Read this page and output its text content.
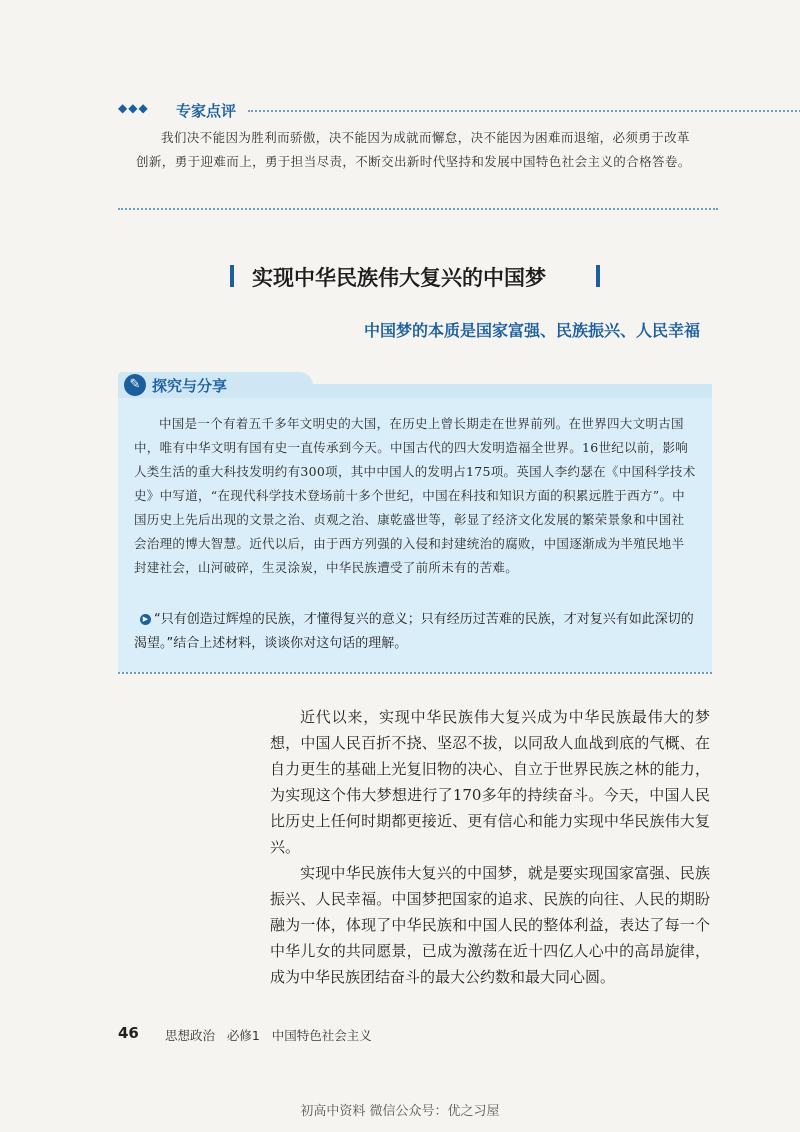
◆◆◆ 专家点评
我们决不能因为胜利而骄傲，决不能因为成就而懈怠，决不能因为困难而退缩，必须勇于改革创新，勇于迎难而上，勇于担当尽责，不断交出新时代坚持和发展中国特色社会主义的合格答卷。
实现中华民族伟大复兴的中国梦
中国梦的本质是国家富强、民族振兴、人民幸福
✎ 探究与分享
中国是一个有着五千多年文明史的大国，在历史上曾长期走在世界前列。在世界四大文明古国中，唯有中华文明有国有史一直传承到今天。中国古代的四大发明造福全世界。16世纪以前，影响人类生活的重大科技发明约有300项，其中中国人的发明占175项。英国人李约瑟在《中国科学技术史》中写道，“在现代科学技术登场前十多个世纪，中国在科技和知识方面的积累远胜于西方”。中国历史上先后出现的文景之治、贞观之治、康乾盛世等，彰显了经济文化发展的繁荣景象和中国社会治理的博大智慧。近代以后，由于西方列强的入侵和封建统治的腐败，中国逐渐成为半殖民地半封建社会，山河破碎，生灵涂炭，中华民族遭受了前所未有的苦难。
▶ “只有创造过辉煌的民族，才懂得复兴的意义；只有经历过苦难的民族，才对复兴有如此深切的渴望。”结合上述材料，谈谈你对这句话的理解。

近代以来，实现中华民族伟大复兴成为中华民族最伟大的梦想，中国人民百折不挠、坚忍不拔，以同敌人血战到底的气概、在自力更生的基础上光复旧物的决心、自立于世界民族之林的能力，为实现这个伟大梦想进行了170多年的持续奋斗。今天，中国人民比历史上任何时期都更接近、更有信心和能力实现中华民族伟大复兴。

实现中华民族伟大复兴的中国梦，就是要实现国家富强、民族振兴、人民幸福。中国梦把国家的追求、民族的向往、人民的期盼融为一体，体现了中华民族和中国人民的整体利益，表达了每一个中华儿女的共同愿景，已成为激荡在近十四亿人心中的高昂旋律，成为中华民族团结奋斗的最大公约数和最大同心圆。

46 思想政治   必修1   中国特色社会主义
初高中资料 微信公众号：优之习屋
